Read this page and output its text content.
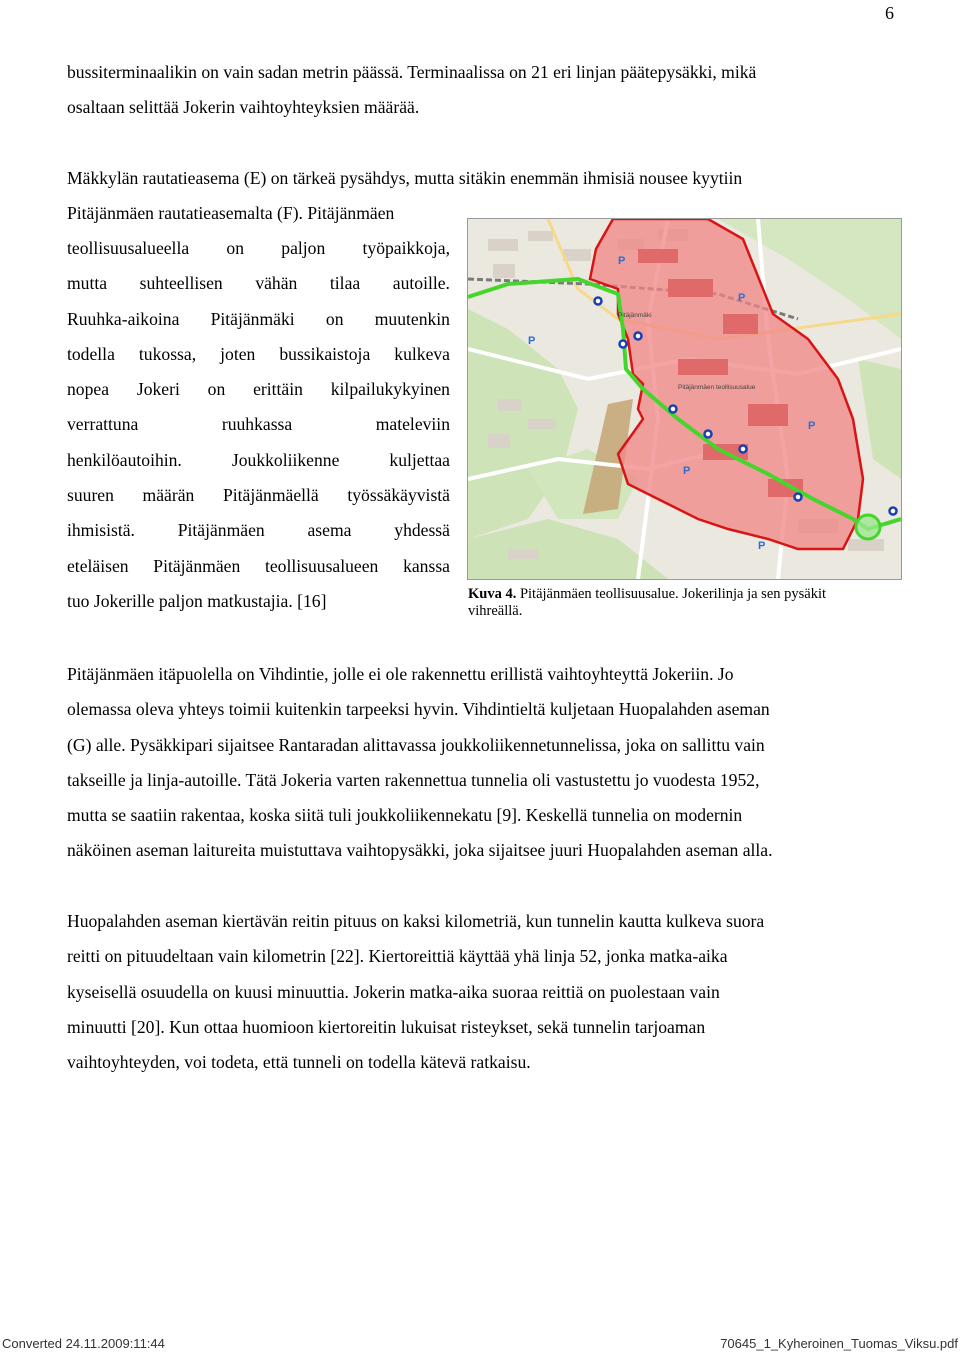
6
bussiterminaalikin on vain sadan metrin päässä. Terminaalissa on 21 eri linjan päätepysäkki, mikä
osaltaan selittää Jokerin vaihtoyhteyksien määrää.
Mäkkylän rautatieasema (E) on tärkeä pysähdys, mutta sitäkin enemmän ihmisiä nousee kyytiin
Pitäjänmäen rautatieasemalta (F). Pitäjänmäen
teollisuusalueella on paljon työpaikkoja,
mutta suhteellisen vähän tilaa autoille.
Ruuhka-aikoina Pitäjänmäki on muutenkin
todella tukossa, joten bussikaistoja kulkeva
nopea Jokeri on erittäin kilpailukykyinen
verrattuna	ruuhkassa	mateleviin
henkilöautoihin.	Joukkoliikenne	kuljettaa
suuren määrän Pitäjänmäellä työssäkäyvistä
ihmisistä. Pitäjänmäen asema yhdessä
eteläisen Pitäjänmäen teollisuusalueen kanssa
tuo Jokerille paljon matkustajia. [16]
P
P
P
P
P
P
Pitäjänmäki
Pitäjänmäen teollisuusalue
Kuva 4. Pitäjänmäen teollisuusalue. Jokerilinja ja sen pysäkit
vihreällä.
Pitäjänmäen itäpuolella on Vihdintie, jolle ei ole rakennettu erillistä vaihtoyhteyttä Jokeriin. Jo
olemassa oleva yhteys toimii kuitenkin tarpeeksi hyvin. Vihdintieltä kuljetaan Huopalahden aseman
(G) alle. Pysäkkipari sijaitsee Rantaradan alittavassa joukkoliikennetunnelissa, joka on sallittu vain
takseille ja linja-autoille. Tätä Jokeria varten rakennettua tunnelia oli vastustettu jo vuodesta 1952,
mutta se saatiin rakentaa, koska siitä tuli joukkoliikennekatu [9]. Keskellä tunnelia on modernin
näköinen aseman laitureita muistuttava vaihtopysäkki, joka sijaitsee juuri Huopalahden aseman alla.
Huopalahden aseman kiertävän reitin pituus on kaksi kilometriä, kun tunnelin kautta kulkeva suora
reitti on pituudeltaan vain kilometrin [22]. Kiertoreittiä käyttää yhä linja 52, jonka matka-aika
kyseisellä osuudella on kuusi minuuttia. Jokerin matka-aika suoraa reittiä on puolestaan vain
minuutti [20]. Kun ottaa huomioon kiertoreitin lukuisat risteykset, sekä tunnelin tarjoaman
vaihtoyhteyden, voi todeta, että tunneli on todella kätevä ratkaisu.
Converted 24.11.2009:11:44	70645_1_Kyheroinen_Tuomas_Viksu.pdf
